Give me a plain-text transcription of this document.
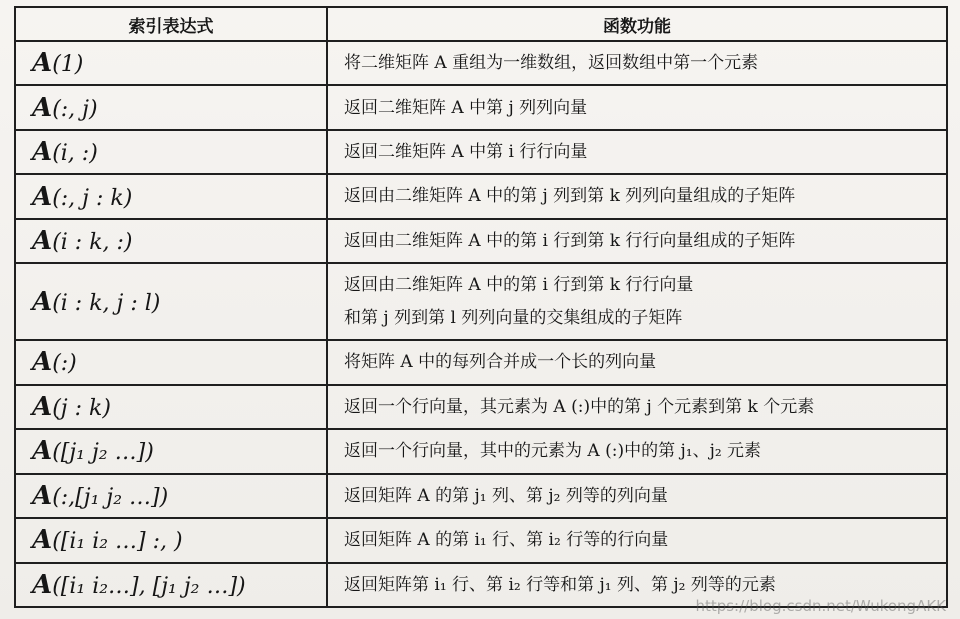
索引表达式	函数功能
A(1)	将二维矩阵 A 重组为一维数组，返回数组中第一个元素
A(:, j)	返回二维矩阵 A 中第 j 列列向量
A(i, :)	返回二维矩阵 A 中第 i 行行向量
A(:, j : k)	返回由二维矩阵 A 中的第 j 列到第 k 列列向量组成的子矩阵
A(i : k, :)	返回由二维矩阵 A 中的第 i 行到第 k 行行向量组成的子矩阵
A(i : k, j : l)	返回由二维矩阵 A 中的第 i 行到第 k 行行向量
和第 j 列到第 l 列列向量的交集组成的子矩阵

A(:)	将矩阵 A 中的每列合并成一个长的列向量
A(j : k)	返回一个行向量，其元素为 A (:)中的第 j 个元素到第 k 个元素
A([j₁ j₂ …])	返回一个行向量，其中的元素为 A (:)中的第 j₁、j₂ 元素
A(:,[j₁ j₂ …])	返回矩阵 A 的第 j₁ 列、第 j₂ 列等的列向量
A([i₁ i₂ …] :, )	返回矩阵 A 的第 i₁ 行、第 i₂ 行等的行向量
A([i₁ i₂…], [j₁ j₂ …])	返回矩阵第 i₁ 行、第 i₂ 行等和第 j₁ 列、第 j₂ 列等的元素
https://blog.csdn.net/WukongAKK
